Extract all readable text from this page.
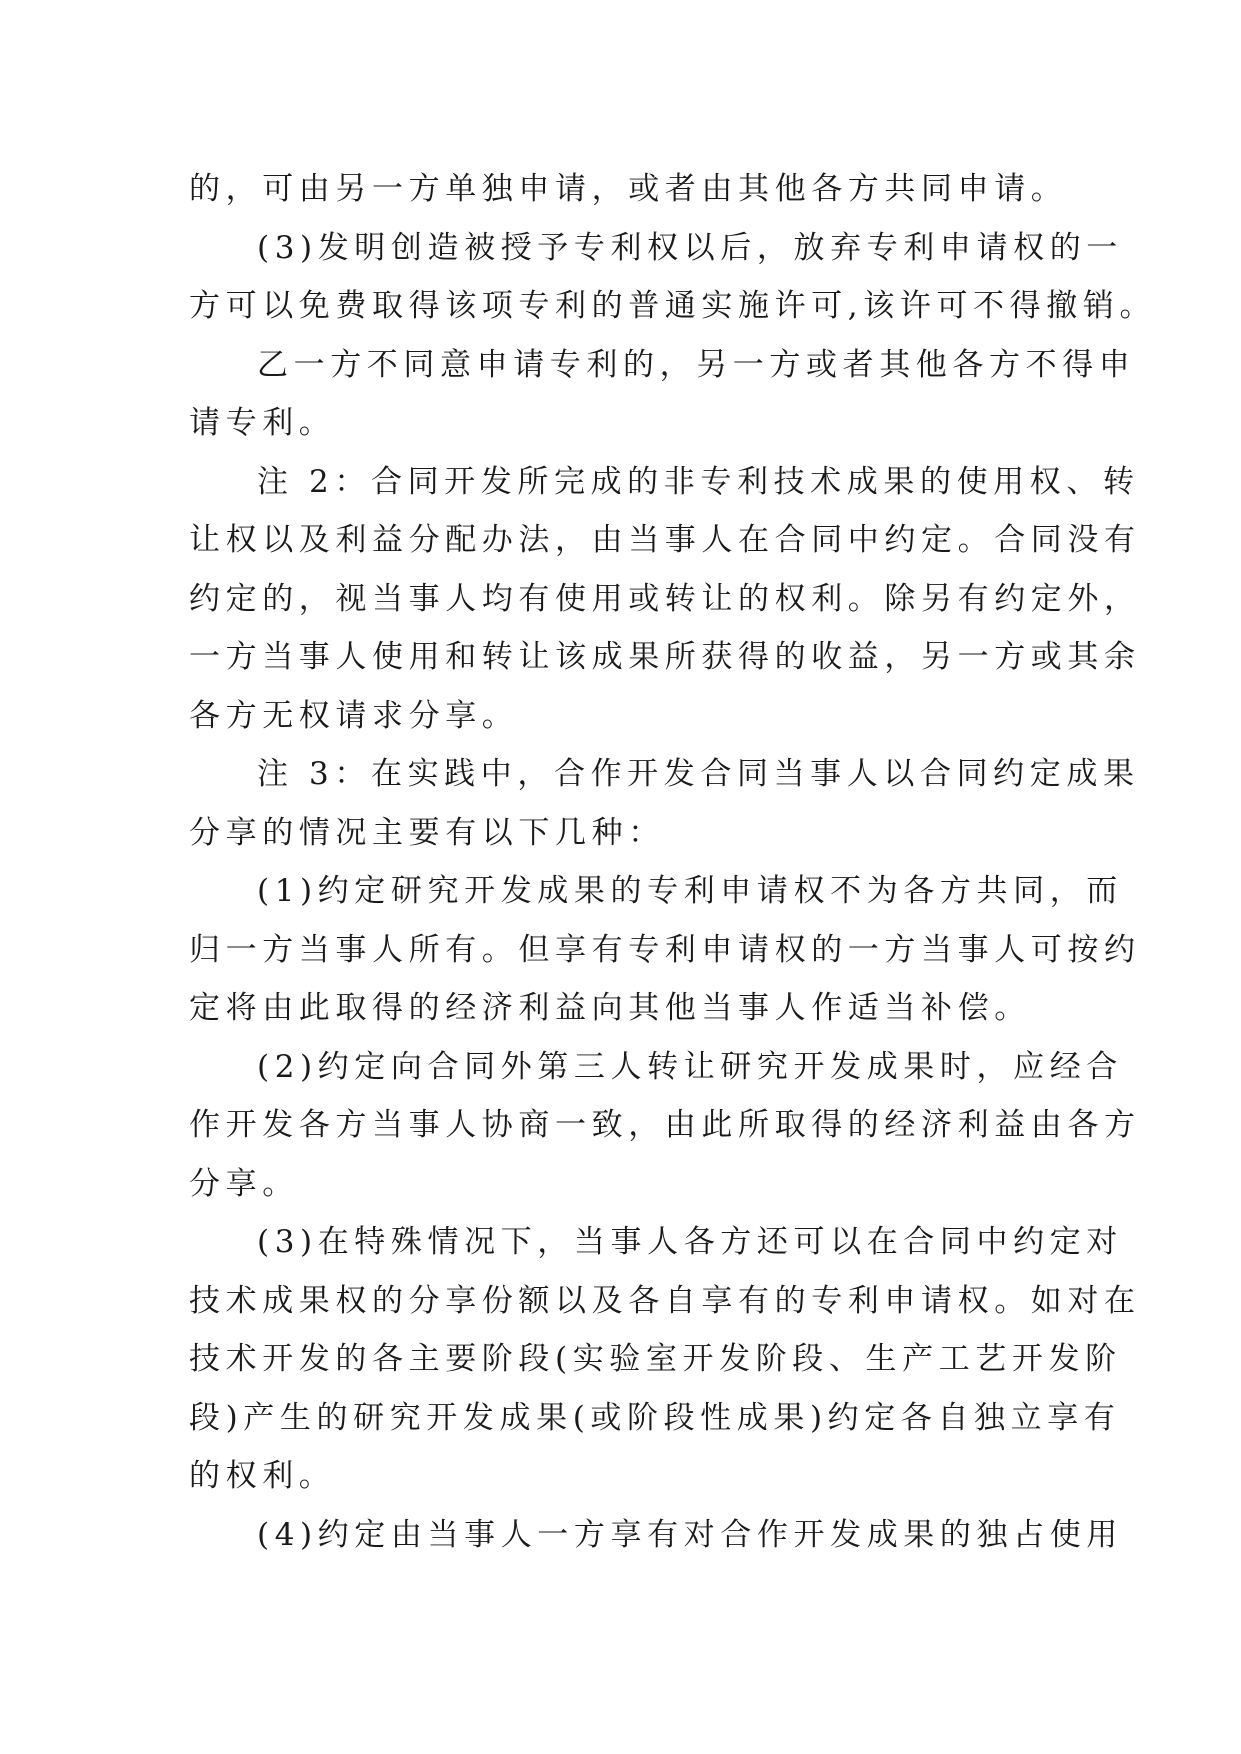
的，可由另一方单独申请，或者由其他各方共同申请。
(3)发明创造被授予专利权以后，放弃专利申请权的一
方可以免费取得该项专利的普通实施许可,该许可不得撤销。
乙一方不同意申请专利的，另一方或者其他各方不得申
请专利。
注 2：合同开发所完成的非专利技术成果的使用权、转
让权以及利益分配办法，由当事人在合同中约定。合同没有
约定的，视当事人均有使用或转让的权利。除另有约定外，
一方当事人使用和转让该成果所获得的收益，另一方或其余
各方无权请求分享。
注 3：在实践中，合作开发合同当事人以合同约定成果
分享的情况主要有以下几种：
(1)约定研究开发成果的专利申请权不为各方共同，而
归一方当事人所有。但享有专利申请权的一方当事人可按约
定将由此取得的经济利益向其他当事人作适当补偿。
(2)约定向合同外第三人转让研究开发成果时，应经合
作开发各方当事人协商一致，由此所取得的经济利益由各方
分享。
(3)在特殊情况下，当事人各方还可以在合同中约定对
技术成果权的分享份额以及各自享有的专利申请权。如对在
技术开发的各主要阶段(实验室开发阶段、生产工艺开发阶
段)产生的研究开发成果(或阶段性成果)约定各自独立享有
的权利。
(4)约定由当事人一方享有对合作开发成果的独占使用
